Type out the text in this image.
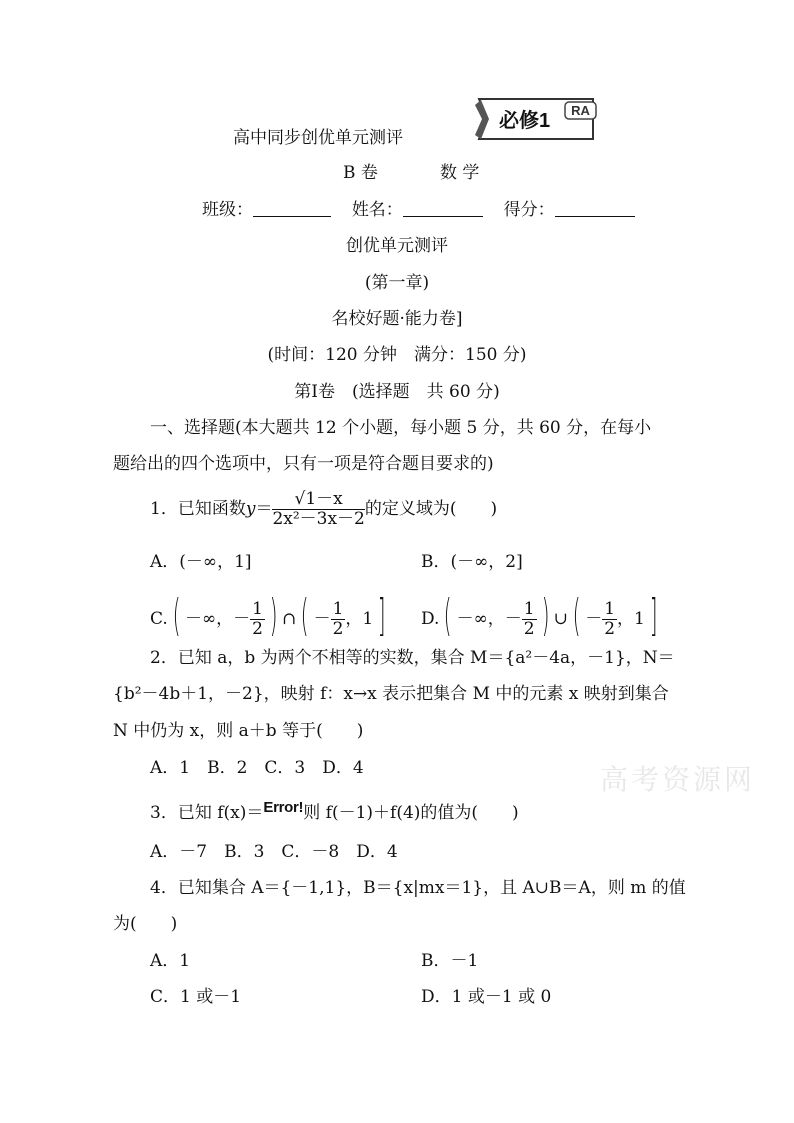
RA
必修1
高中同步创优单元测评
B 卷	数 学
班级：	姓名：	得分：
创优单元测评
(第一章)
名校好题·能力卷]
(时间：120 分钟　满分：150 分)
第Ⅰ卷　(选择题　共 60 分)
一、选择题(本大题共 12 个小题，每小题 5 分，共 60 分，在每小
题给出的四个选项中，只有一项是符合题目要求的)
1．已知函数$y= \frac{√1-x}{\text{2x²－3x－2}}$ 的定义域为(　　)
A．(－∞，1]	B．(－∞，2]
C. ( －∞，－ $\frac{1}{2}$ ) ∩ ( － $\frac{1}{2}$ ，1 ] D. ( －∞，－ $\frac{1}{2}$ ) ∪ ( － $\frac{1}{2}$ ，1 ]
2．已知 a，b 为两个不相等的实数，集合 M＝{a²－4a，－1}，N＝
{b²－4b＋1，－2}，映射 f：x→x 表示把集合 M 中的元素 x 映射到集合
N 中仍为 x，则 a＋b 等于(　　)
A．1　B．2　C．3　D．4
3．已知 f(x)＝Error!则 f(－1)＋f(4)的值为(　　)
A．－7　B．3　C．－8　D．4
4．已知集合 A＝{－1,1}，B＝{x|mx＝1}，且 A∪B＝A，则 m 的值
为(　　)
A．1	B．－1
C．1 或－1	D．1 或－1 或 0
高考资源网
